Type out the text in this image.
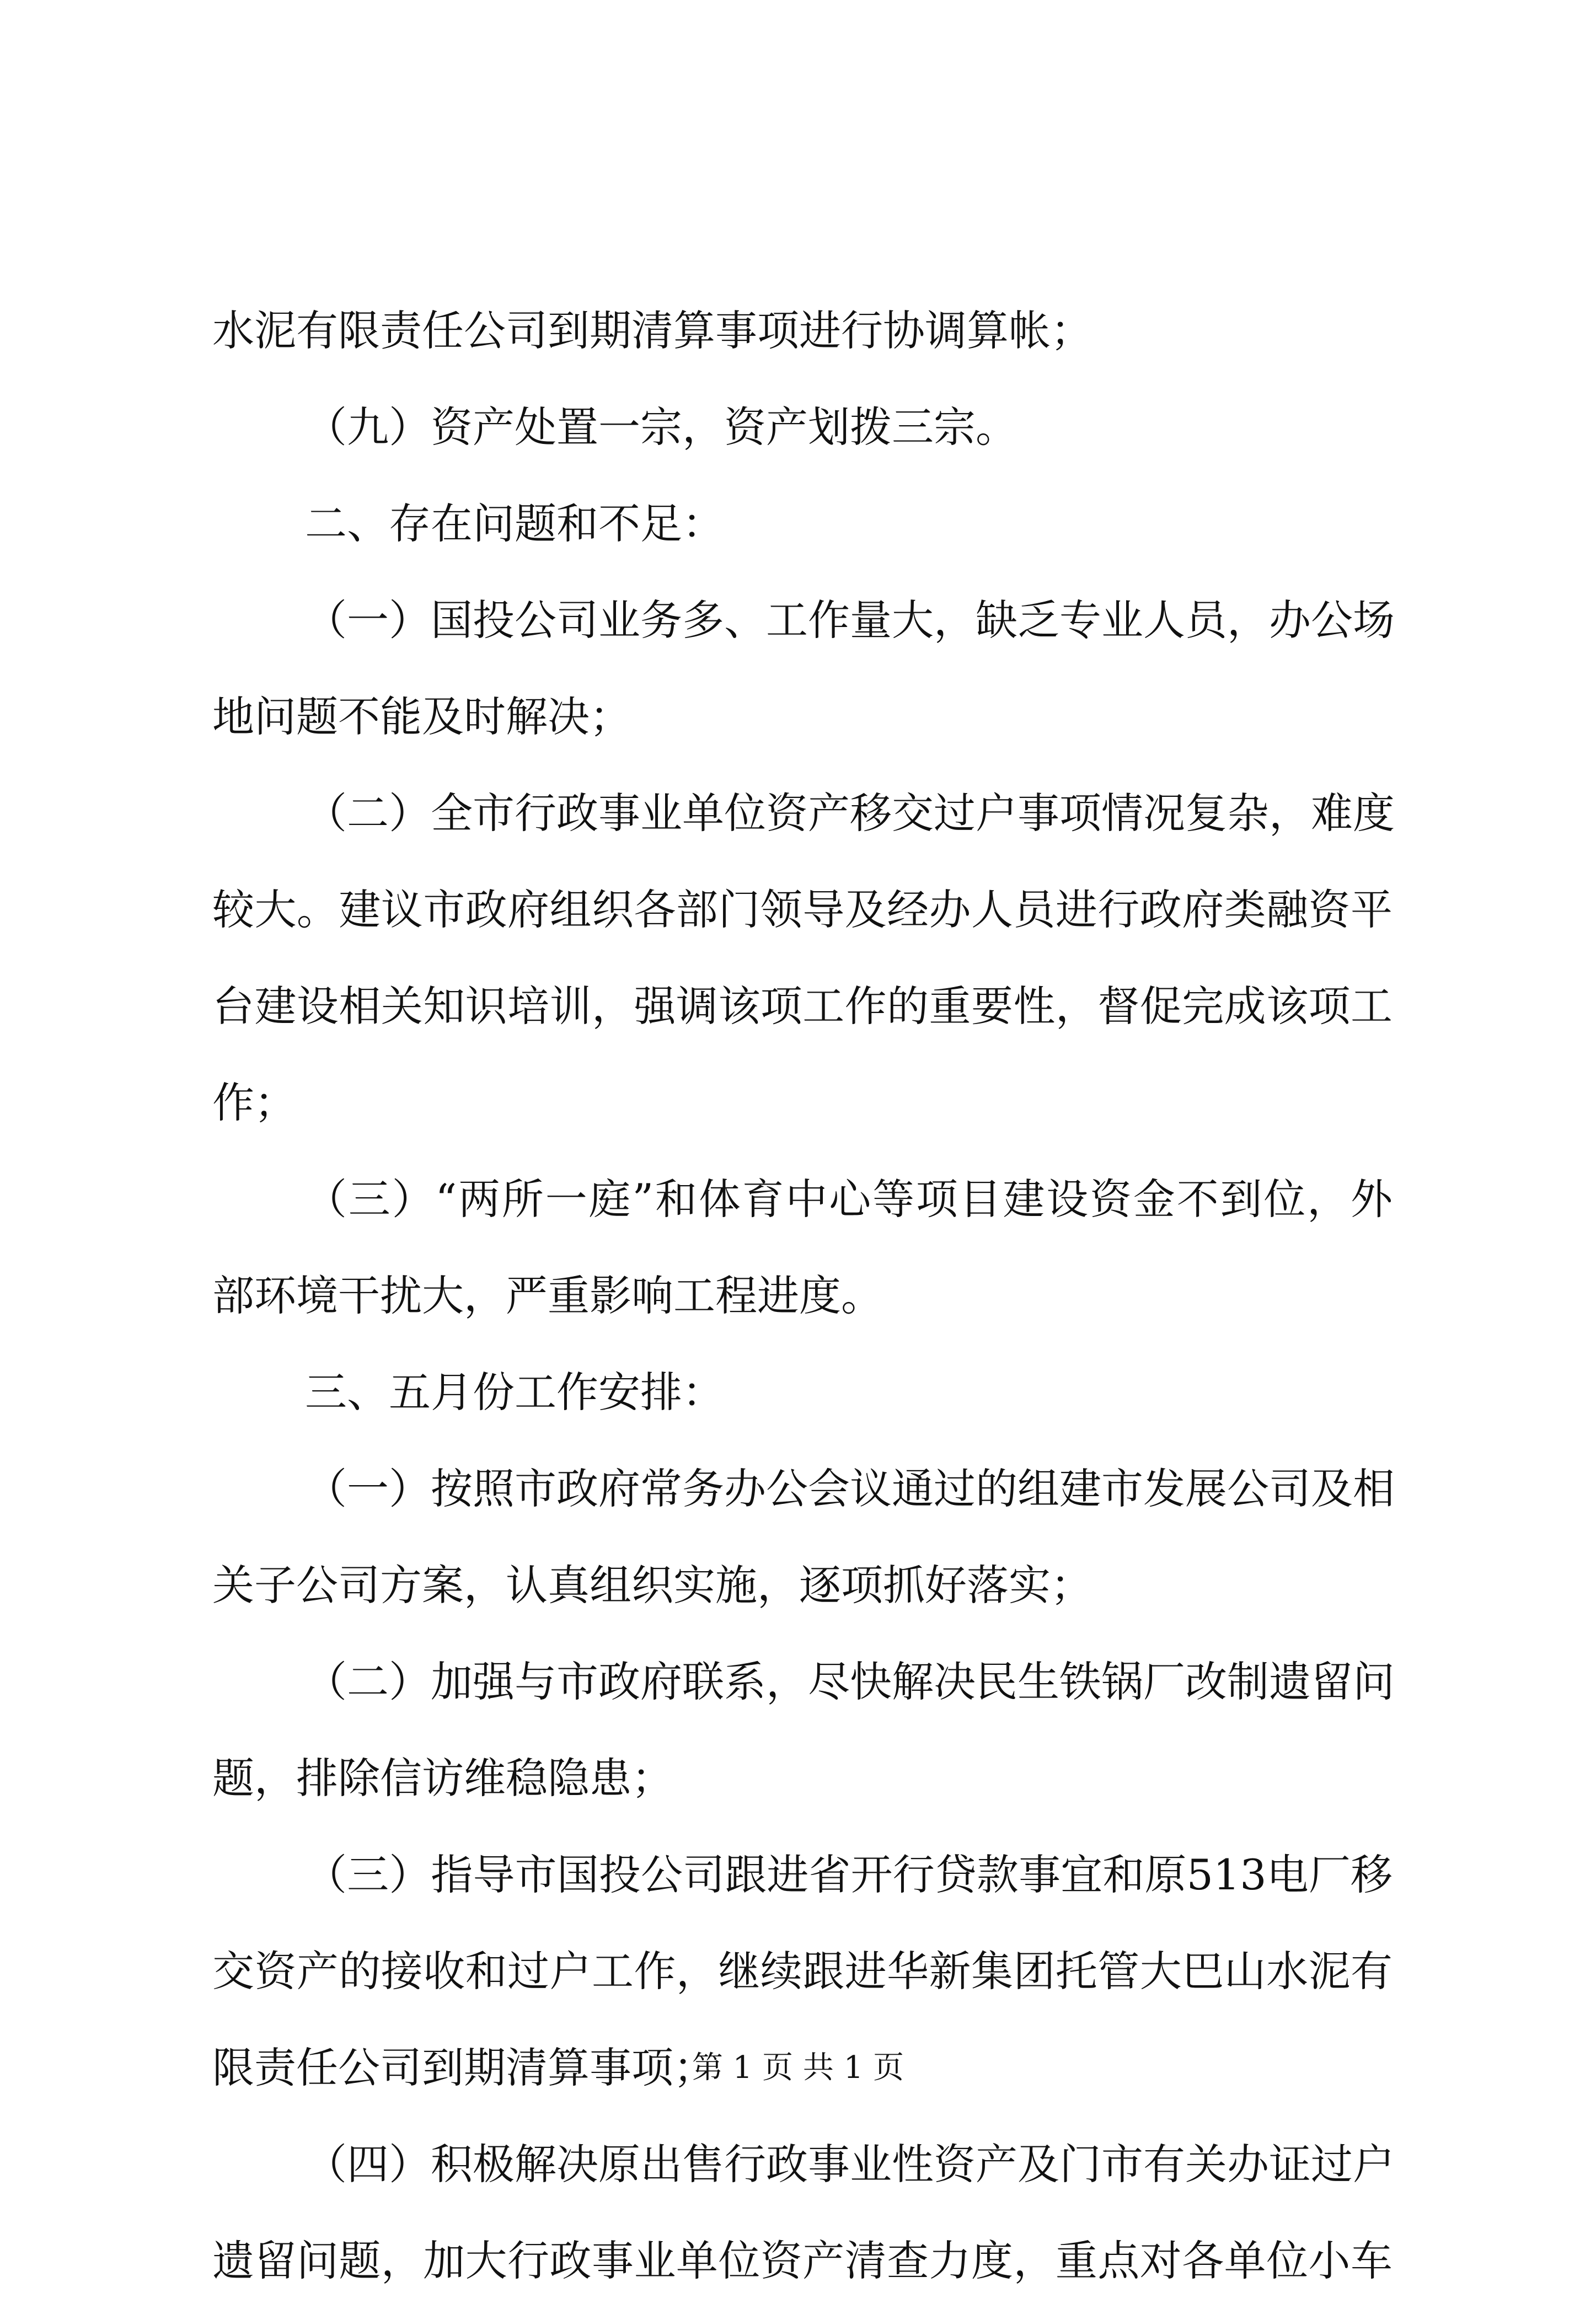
水泥有限责任公司到期清算事项进行协调算帐；
（九）资产处置一宗，资产划拨三宗。
二、存在问题和不足：
（一）国投公司业务多、工作量大，缺乏专业人员，办公场
地问题不能及时解决；
（二）全市行政事业单位资产移交过户事项情况复杂，难度
较大。建议市政府组织各部门领导及经办人员进行政府类融资平
台建设相关知识培训，强调该项工作的重要性，督促完成该项工
作；
（三）“两所一庭”和体育中心等项目建设资金不到位，外
部环境干扰大，严重影响工程进度。
三、五月份工作安排：
（一）按照市政府常务办公会议通过的组建市发展公司及相
关子公司方案，认真组织实施，逐项抓好落实；
（二）加强与市政府联系，尽快解决民生铁锅厂改制遗留问
题，排除信访维稳隐患；
（三）指导市国投公司跟进省开行贷款事宜和原513电厂移
交资产的接收和过户工作，继续跟进华新集团托管大巴山水泥有
限责任公司到期清算事项；
（四）积极解决原出售行政事业性资产及门市有关办证过户
遗留问题，加大行政事业单位资产清查力度，重点对各单位小车
第 1 页 共 1 页
